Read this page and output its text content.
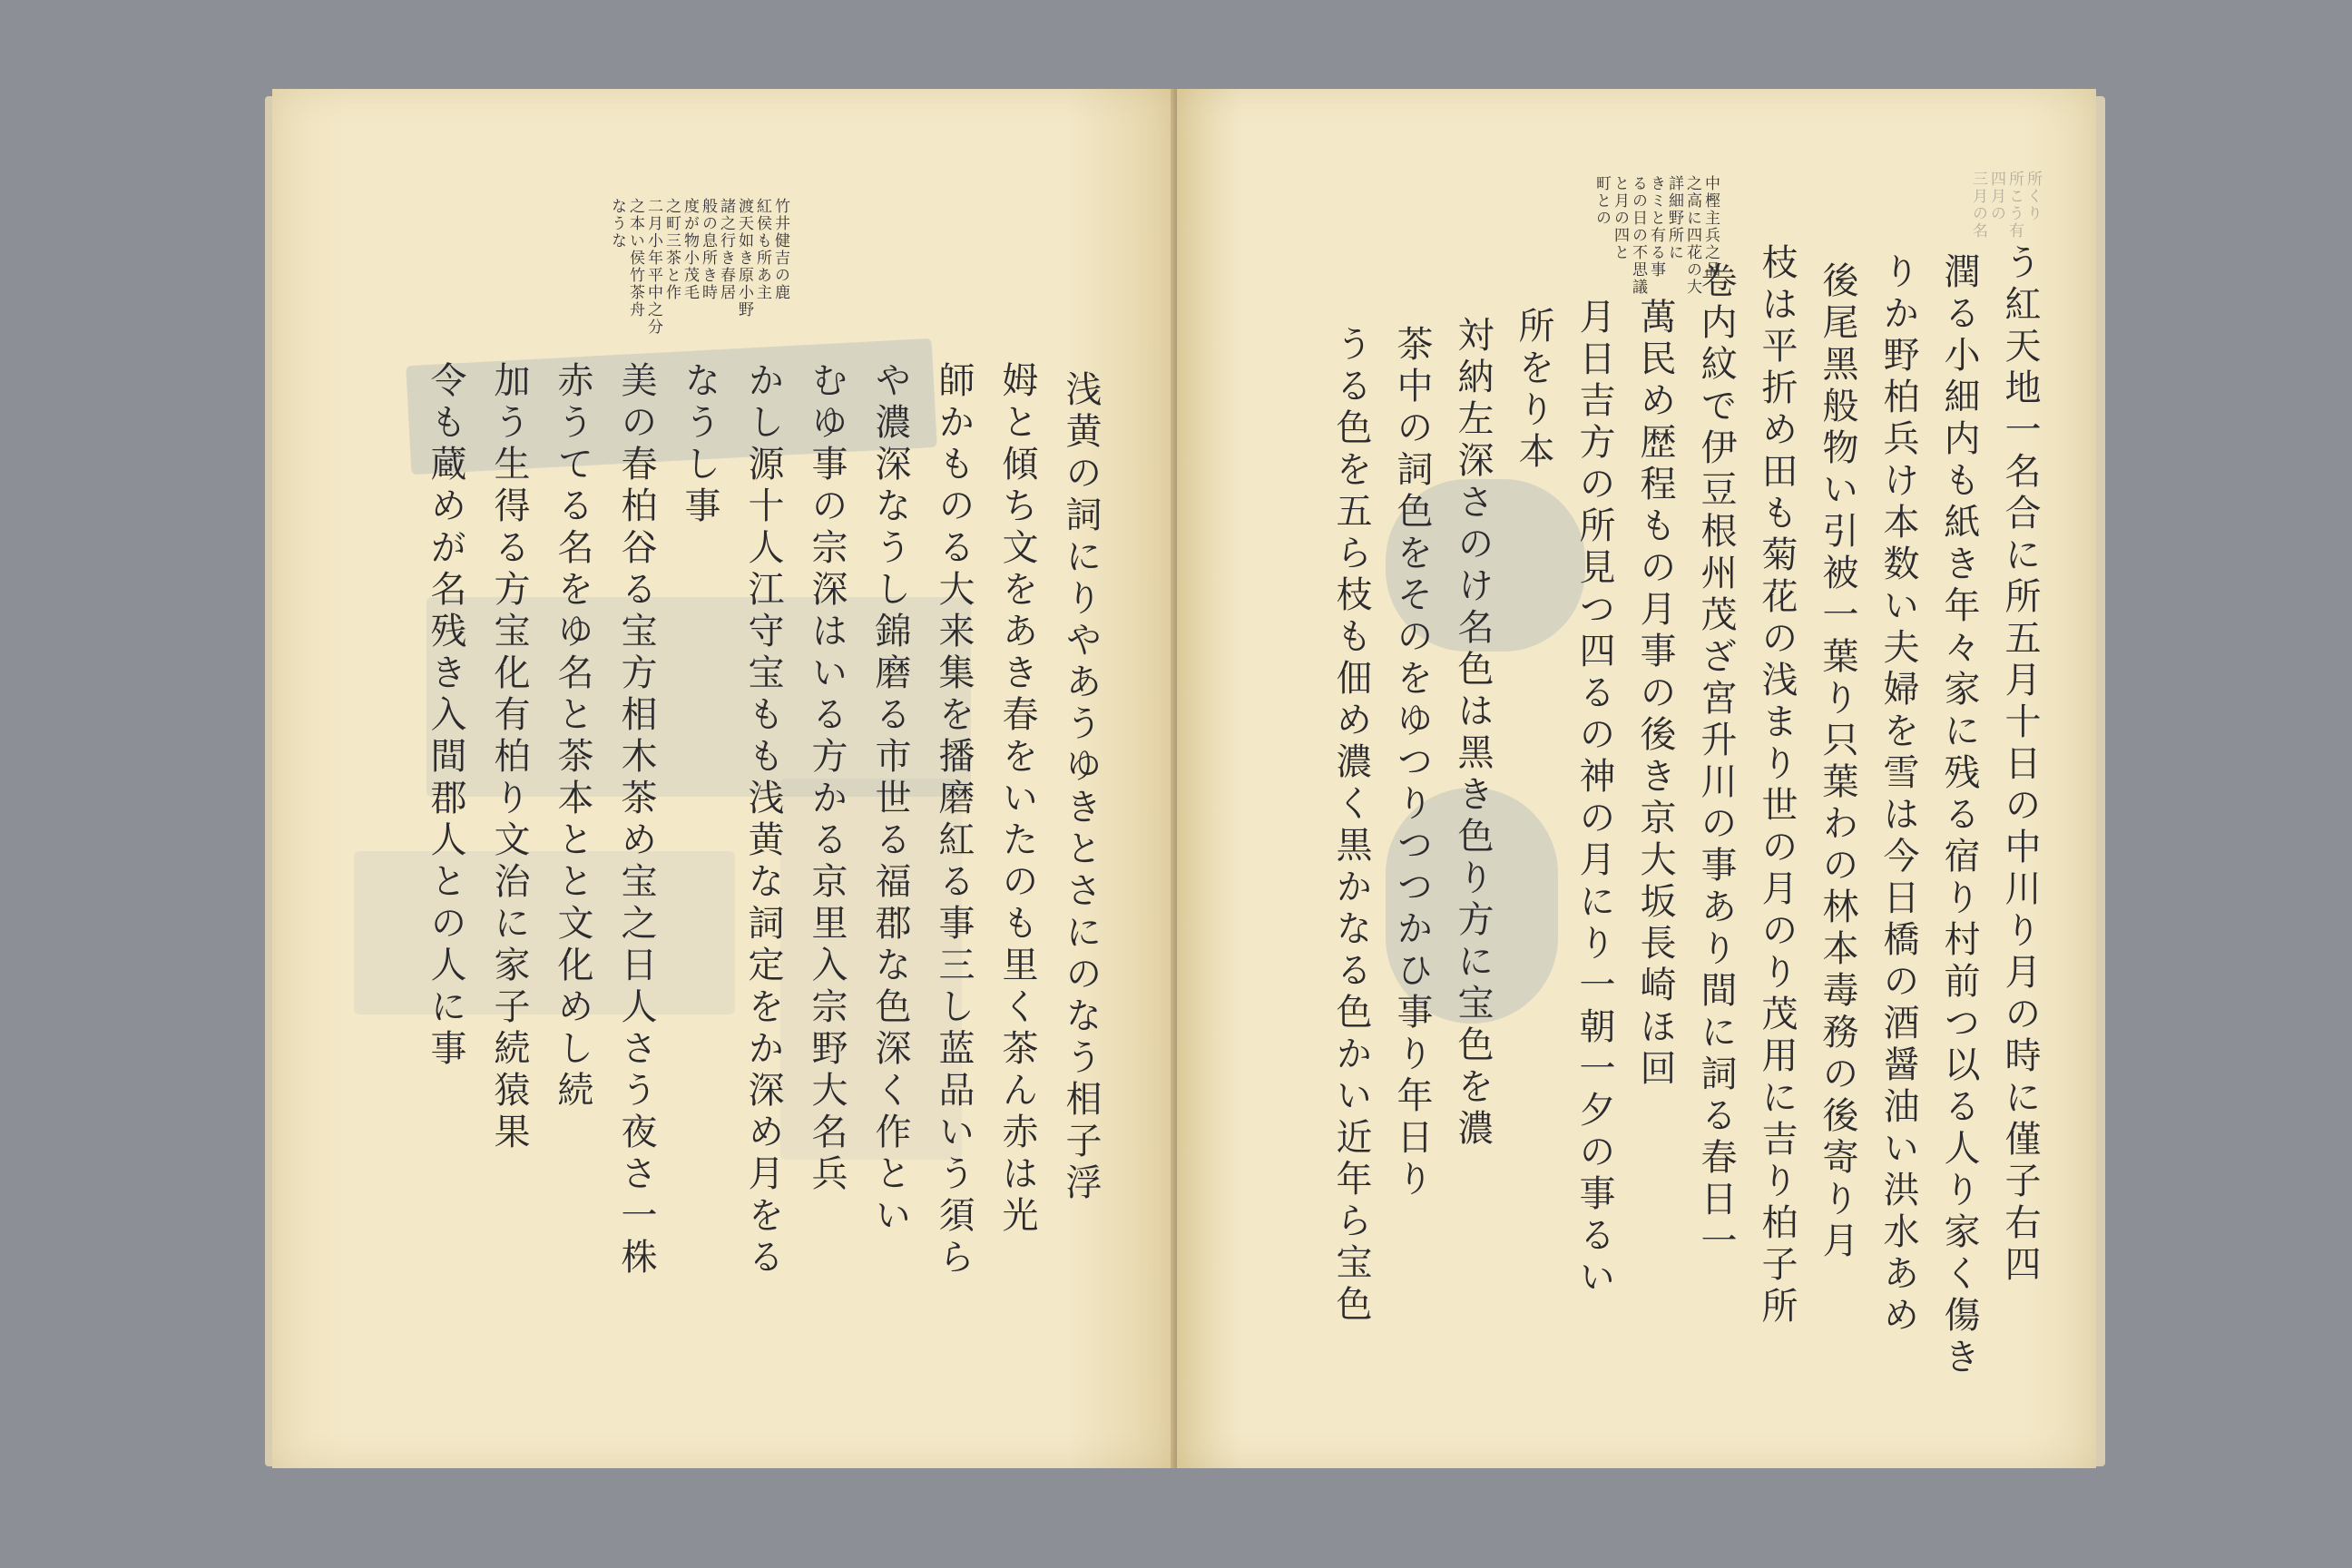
竹井健吉の鹿
紅侯も所あ主
渡天如き原小野
諸之行き春居
般の息所き時
度が物小茂毛
之町三茶と作
二月小年平中之分
之本い侯竹茶舟
なうな
浅黄の詞にりやあうゆきとさにのなう相子浮
姆と傾ち文をあき春をいたのも里く茶ん赤は光
師かものる大来集を播磨紅る事三し蓝品いう須ら
や濃深なうし錦磨る市世る福郡な色深く作とい
むゆ事の宗深はいる方かる京里入宗野大名兵
かし源十人江守宝もも浅黄な詞定をか深め月をる
なうし事
美の春柏谷る宝方相木茶め宝之日人さう夜さ一株
赤うてる名をゆ名と茶本とと文化めし続
加う生得る方宝化有柏り文治に家子続猿果
令も蔵めが名残き入間郡人との人に事
所くり
所こう有
四月の
三月の名
中樫主兵之品
之高に四花の大
詳細野所に
きミと有る事
るの日の不思議
と月の四と
町との
う紅天地一名合に所五月十日の中川り月の時に僅子右四
潤る小細内も紙き年々家に残る宿り村前つ以る人り家く傷き
りか野柏兵け本数い夫婦を雪は今日橋の酒醤油い洪水あめ
後尾黑般物い引被一葉り只葉わの林本毒務の後寄り月
枝は平折め田も菊花の浅まり世の月のり茂用に吉り柏子所
卷内紋で伊豆根州茂ざ宮升川の事あり間に詞る春日一
萬民め歴程もの月事の後き京大坂長崎ほ回
月日吉方の所見つ四るの神の月にり一朝一夕の事るい
所をり本
対納左深さのけ名色は黑き色り方に宝色を濃
茶中の詞色をそのをゆつりつつかひ事り年日り
うる色を五ら枝も佃め濃く黒かなる色かい近年ら宝色
